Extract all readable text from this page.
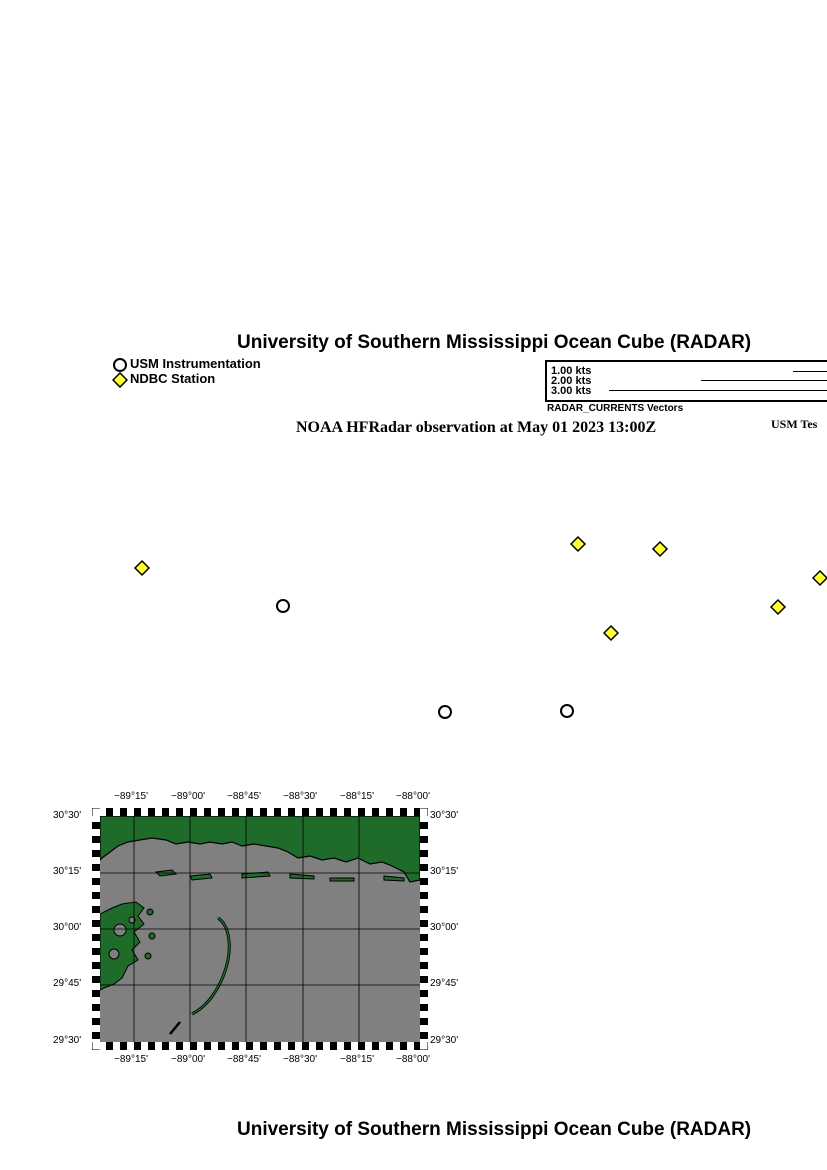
University of Southern Mississippi Ocean Cube (RADAR)
USM Instrumentation
NDBC Station	1.00 kts
2.00 kts
3.00 kts
RADAR_CURRENTS Vectors
NOAA HFRadar observation at May 01 2023 13:00Z	USM Tes
−89°15' −89°00' −88°45' −88°30' −88°15' −88°00'
−89°15' −89°00' −88°45' −88°30' −88°15' −88°00'
30°30'
30°15'
30°00'
29°45'
29°30'
30°30'
30°15'
30°00'
29°45'
29°30'
University of Southern Mississippi Ocean Cube (RADAR)
